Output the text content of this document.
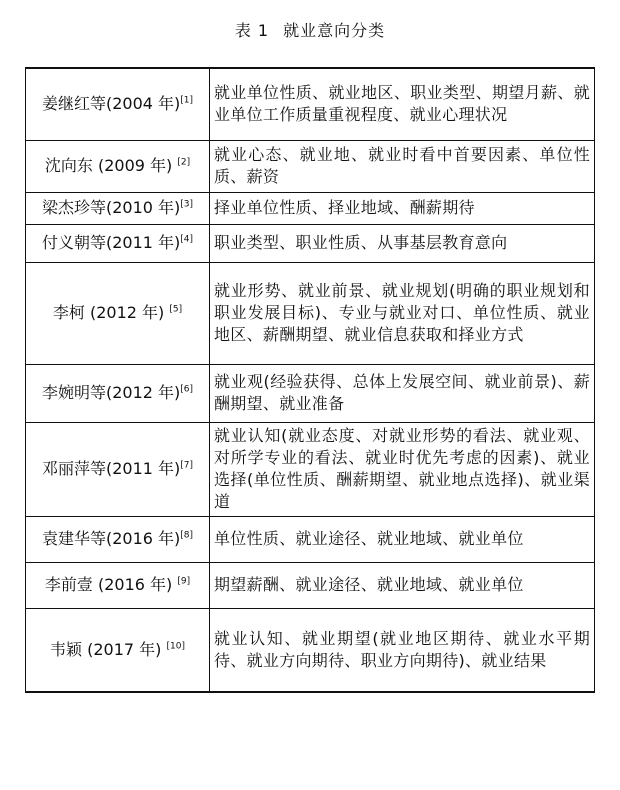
表 1 就业意向分类
姜继红等(2004 年)[1]	就业单位性质、就业地区、职业类型、期望月薪、就业单位工作质量重视程度、就业心理状况
沈向东 (2009 年) [2]	就业心态、就业地、就业时看中首要因素、单位性质、薪资
梁杰珍等(2010 年)[3]	择业单位性质、择业地域、酬薪期待
付义朝等(2011 年)[4]	职业类型、职业性质、从事基层教育意向
李柯 (2012 年) [5]	就业形势、就业前景、就业规划(明确的职业规划和职业发展目标)、专业与就业对口、单位性质、就业地区、薪酬期望、就业信息获取和择业方式
李婉明等(2012 年)[6]	就业观(经验获得、总体上发展空间、就业前景)、薪酬期望、就业准备
邓丽萍等(2011 年)[7]	就业认知(就业态度、对就业形势的看法、就业观、对所学专业的看法、就业时优先考虑的因素)、就业选择(单位性质、酬薪期望、就业地点选择)、就业渠道
袁建华等(2016 年)[8]	单位性质、就业途径、就业地域、就业单位
李前壹 (2016 年) [9]	期望薪酬、就业途径、就业地域、就业单位
韦颖 (2017 年) [10]	就业认知、就业期望(就业地区期待、就业水平期待、就业方向期待、职业方向期待)、就业结果
